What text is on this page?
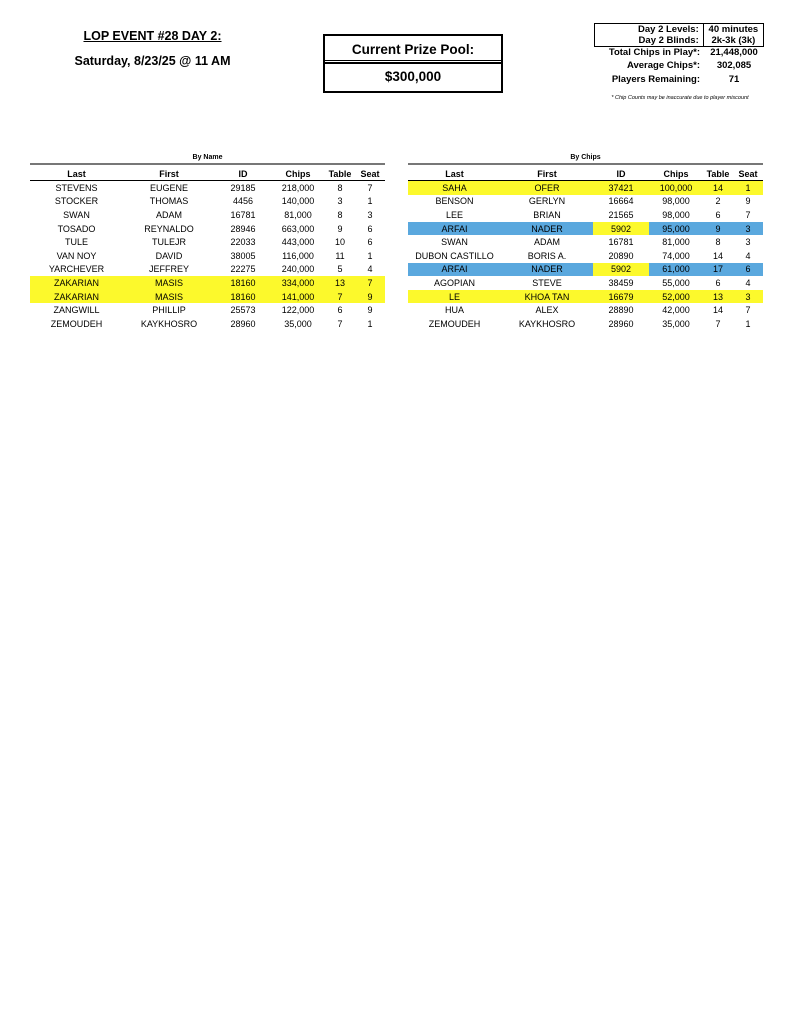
LOP EVENT #28 DAY 2:
Saturday, 8/23/25 @ 11 AM
Current Prize Pool:
$300,000
Day 2 Levels:	40 minutes
Day 2 Blinds:	2k-3k (3k)
Total Chips in Play*:	21,448,000
Average Chips*:	302,085
Players Remaining:	71
* Chip Counts may be inaccurate due to player miscount
By Name	By Chips
Last	First	ID	Chips	Table	Seat
STEVENS	EUGENE	29185	218,000	8	7
STOCKER	THOMAS	4456	140,000	3	1
SWAN	ADAM	16781	81,000	8	3
TOSADO	REYNALDO	28946	663,000	9	6
TULE	TULEJR	22033	443,000	10	6
VAN NOY	DAVID	38005	116,000	11	1
YARCHEVER	JEFFREY	22275	240,000	5	4
ZAKARIAN	MASIS	18160	334,000	13	7
ZAKARIAN	MASIS	18160	141,000	7	9
ZANGWILL	PHILLIP	25573	122,000	6	9
ZEMOUDEH	KAYKHOSRO	28960	35,000	7	1
Last	First	ID	Chips	Table	Seat
SAHA	OFER	37421	100,000	14	1
BENSON	GERLYN	16664	98,000	2	9
LEE	BRIAN	21565	98,000	6	7
ARFAI	NADER	5902	95,000	9	3
SWAN	ADAM	16781	81,000	8	3
DUBON CASTILLO	BORIS A.	20890	74,000	14	4
ARFAI	NADER	5902	61,000	17	6
AGOPIAN	STEVE	38459	55,000	6	4
LE	KHOA TAN	16679	52,000	13	3
HUA	ALEX	28890	42,000	14	7
ZEMOUDEH	KAYKHOSRO	28960	35,000	7	1
